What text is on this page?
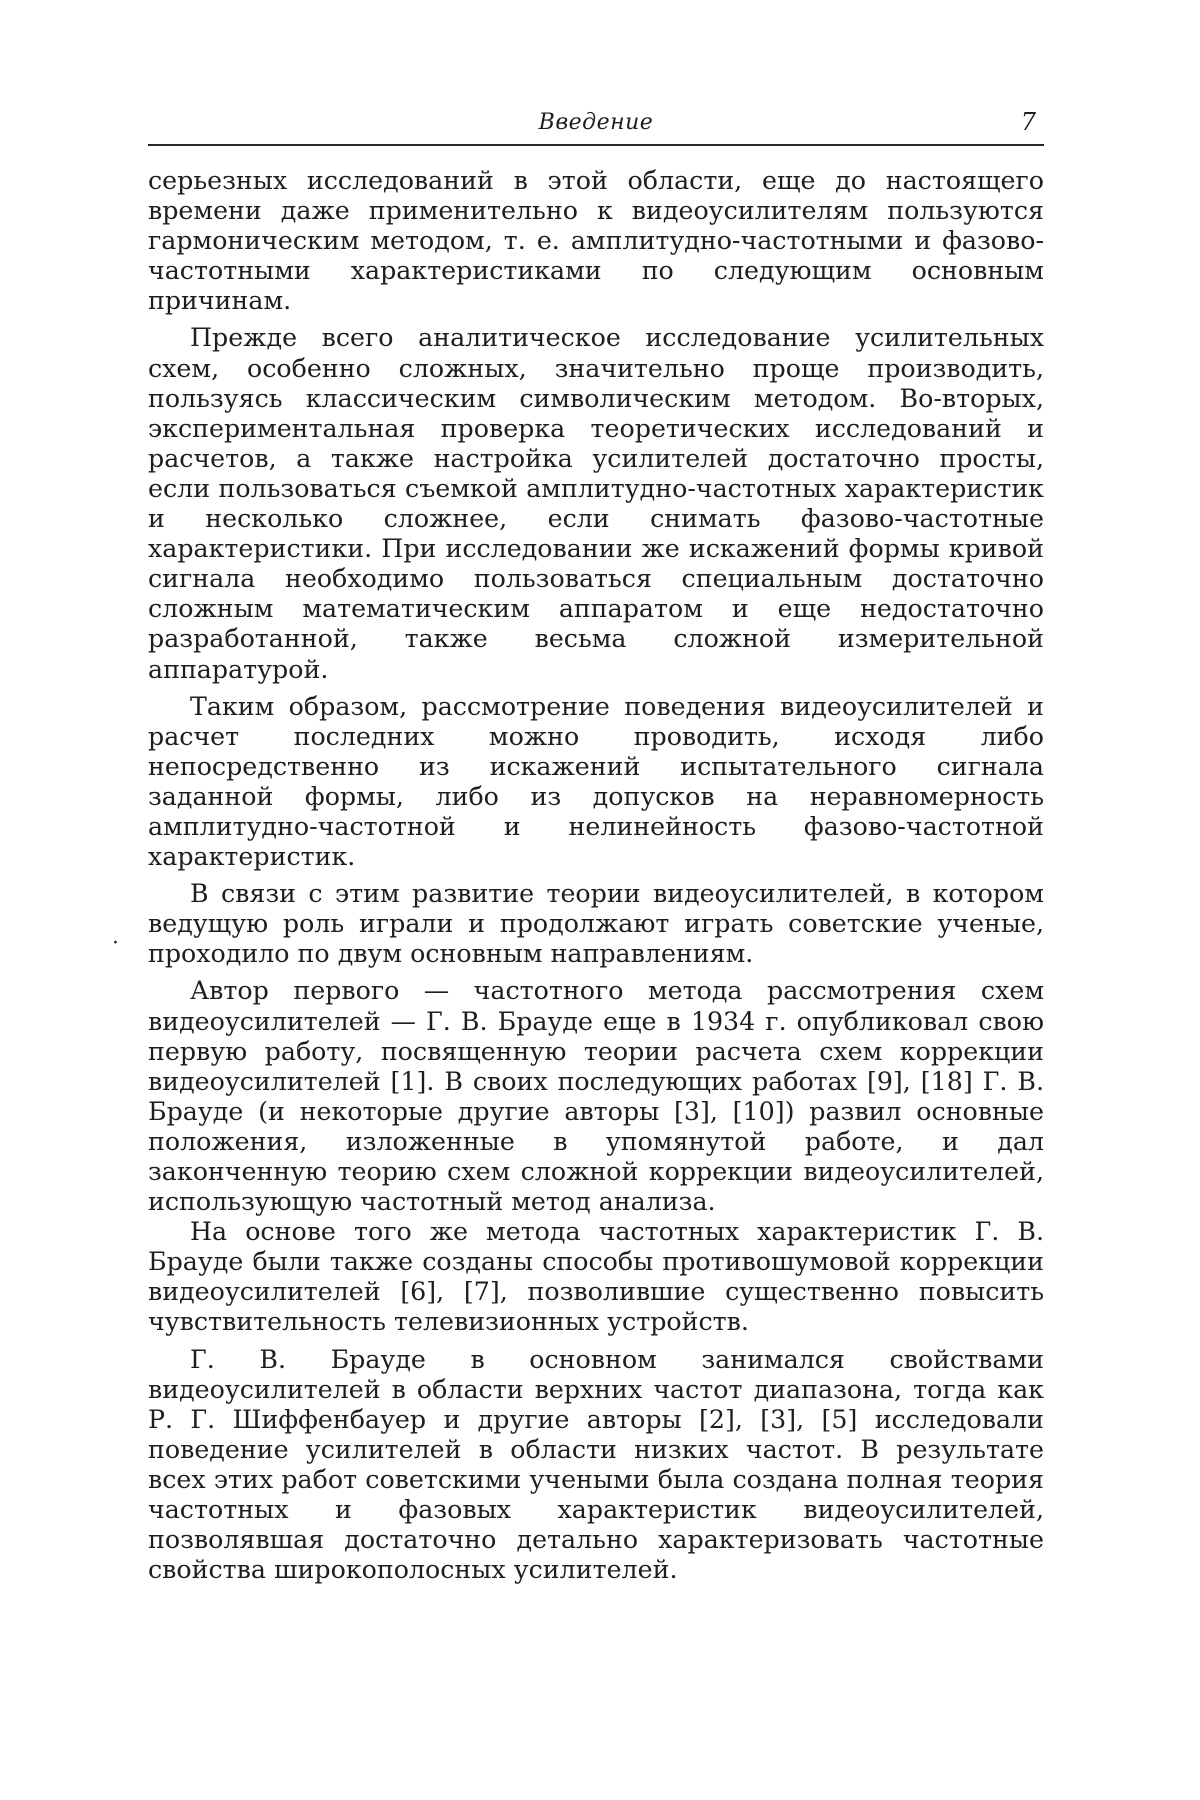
Введение	7

серьезных исследований в этой области, еще до настоящего времени даже применительно к видеоусилителям пользуются гармоническим методом, т. е. амплитудно-частотными и фазово-частотными характеристиками по следующим основным причинам.

Прежде всего аналитическое исследование усилительных схем, особенно сложных, значительно проще производить, пользуясь классическим символическим методом. Во-вторых, экспериментальная проверка теоретических исследований и расчетов, а также настройка усилителей достаточно просты, если пользоваться съемкой амплитудно-частотных характеристик и несколько сложнее, если снимать фазово-частотные характеристики. При исследовании же искажений формы кривой сигнала необходимо пользоваться специальным достаточно сложным математическим аппаратом и еще недостаточно разработанной, также весьма сложной измерительной аппаратурой.

Таким образом, рассмотрение поведения видеоусилителей и расчет последних можно проводить, исходя либо непосредственно из искажений испытательного сигнала заданной формы, либо из допусков на неравномерность амплитудно-частотной и нелинейность фазово-частотной характеристик.

В связи с этим развитие теории видеоусилителей, в котором ведущую роль играли и продолжают играть советские ученые, проходило по двум основным направлениям.

Автор первого — частотного метода рассмотрения схем видеоусилителей — Г. В. Брауде еще в 1934 г. опубликовал свою первую работу, посвященную теории расчета схем коррекции видеоусилителей [1]. В своих последующих работах [9], [18] Г. В. Брауде (и некоторые другие авторы [3], [10]) развил основные положения, изложенные в упомянутой работе, и дал законченную теорию схем сложной коррекции видеоусилителей, использующую частотный метод анализа.

На основе того же метода частотных характеристик Г. В. Брауде были также созданы способы противошумовой коррекции видеоусилителей [6], [7], позволившие существенно повысить чувствительность телевизионных устройств.

Г. В. Брауде в основном занимался свойствами видеоусилителей в области верхних частот диапазона, тогда как Р. Г. Шиффенбауер и другие авторы [2], [3], [5] исследовали поведение усилителей в области низких частот. В результате всех этих работ советскими учеными была создана полная теория частотных и фазовых характеристик видеоусилителей, позволявшая достаточно детально характеризовать частотные свойства широкополосных усилителей.

·
